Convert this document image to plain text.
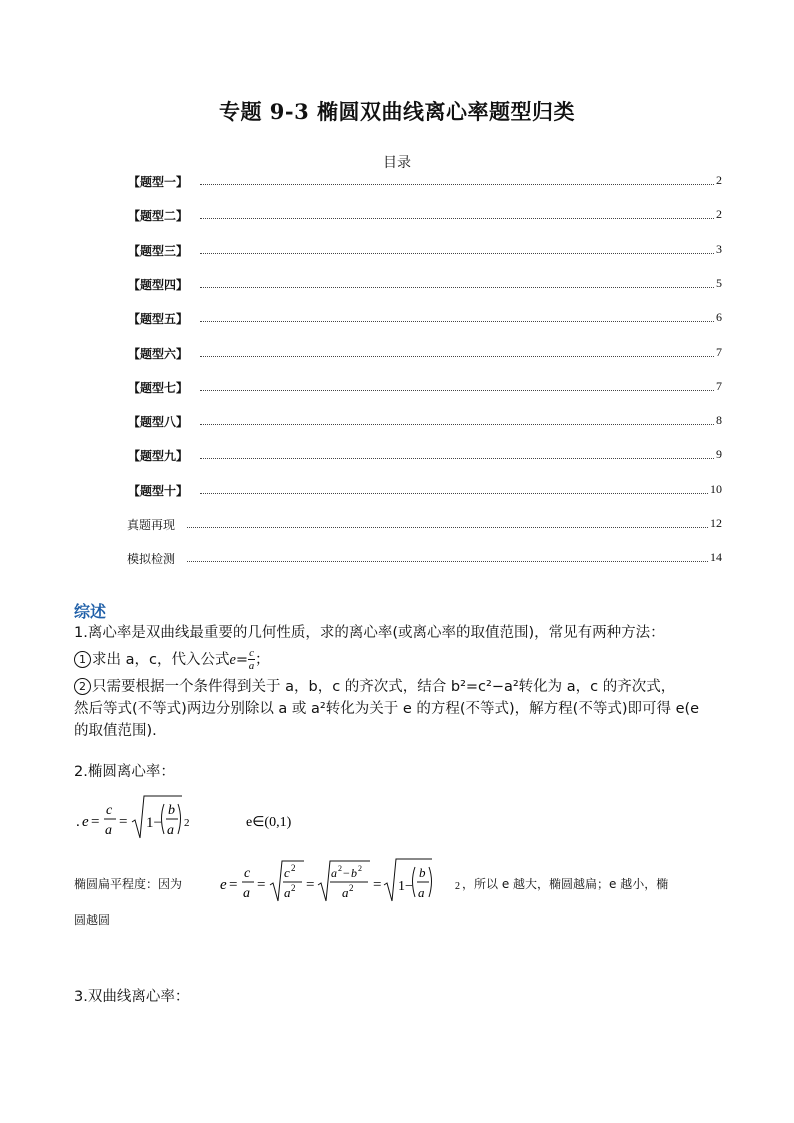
专题 9-3 椭圆双曲线离心率题型归类
目录
【题型一】	2
【题型二】	2
【题型三】	3
【题型四】	5
【题型五】	6
【题型六】	7
【题型七】	7
【题型八】	8
【题型九】	9
【题型十】	10
真题再现	12
模拟检测	14
综述
1.离心率是双曲线最重要的几何性质，求的离心率(或离心率的取值范围)，常见有两种方法：
1 求出 a，c，代入公式$e= \frac{c}{a}$ ；
2 只需要根据一个条件得到关于 a，b，c 的齐次式，结合 b²=c²−a²转化为 a，c 的齐次式，
然后等式(不等式)两边分别除以 a 或 a²转化为关于 e 的方程(不等式)，解方程(不等式)即可得 e(e
的取值范围).
2.椭圆离心率：
. e =
c
a
= 1−
b
a 2	e∈(0,1)
椭圆扁平程度：因为	e =
c
a
=
c 2
a 2 =
a 2 − b 2
a 2 = 1−
b
a	2 ，所以 e 越大，椭圆越扁；e 越小，椭
圆越圆
3.双曲线离心率：
